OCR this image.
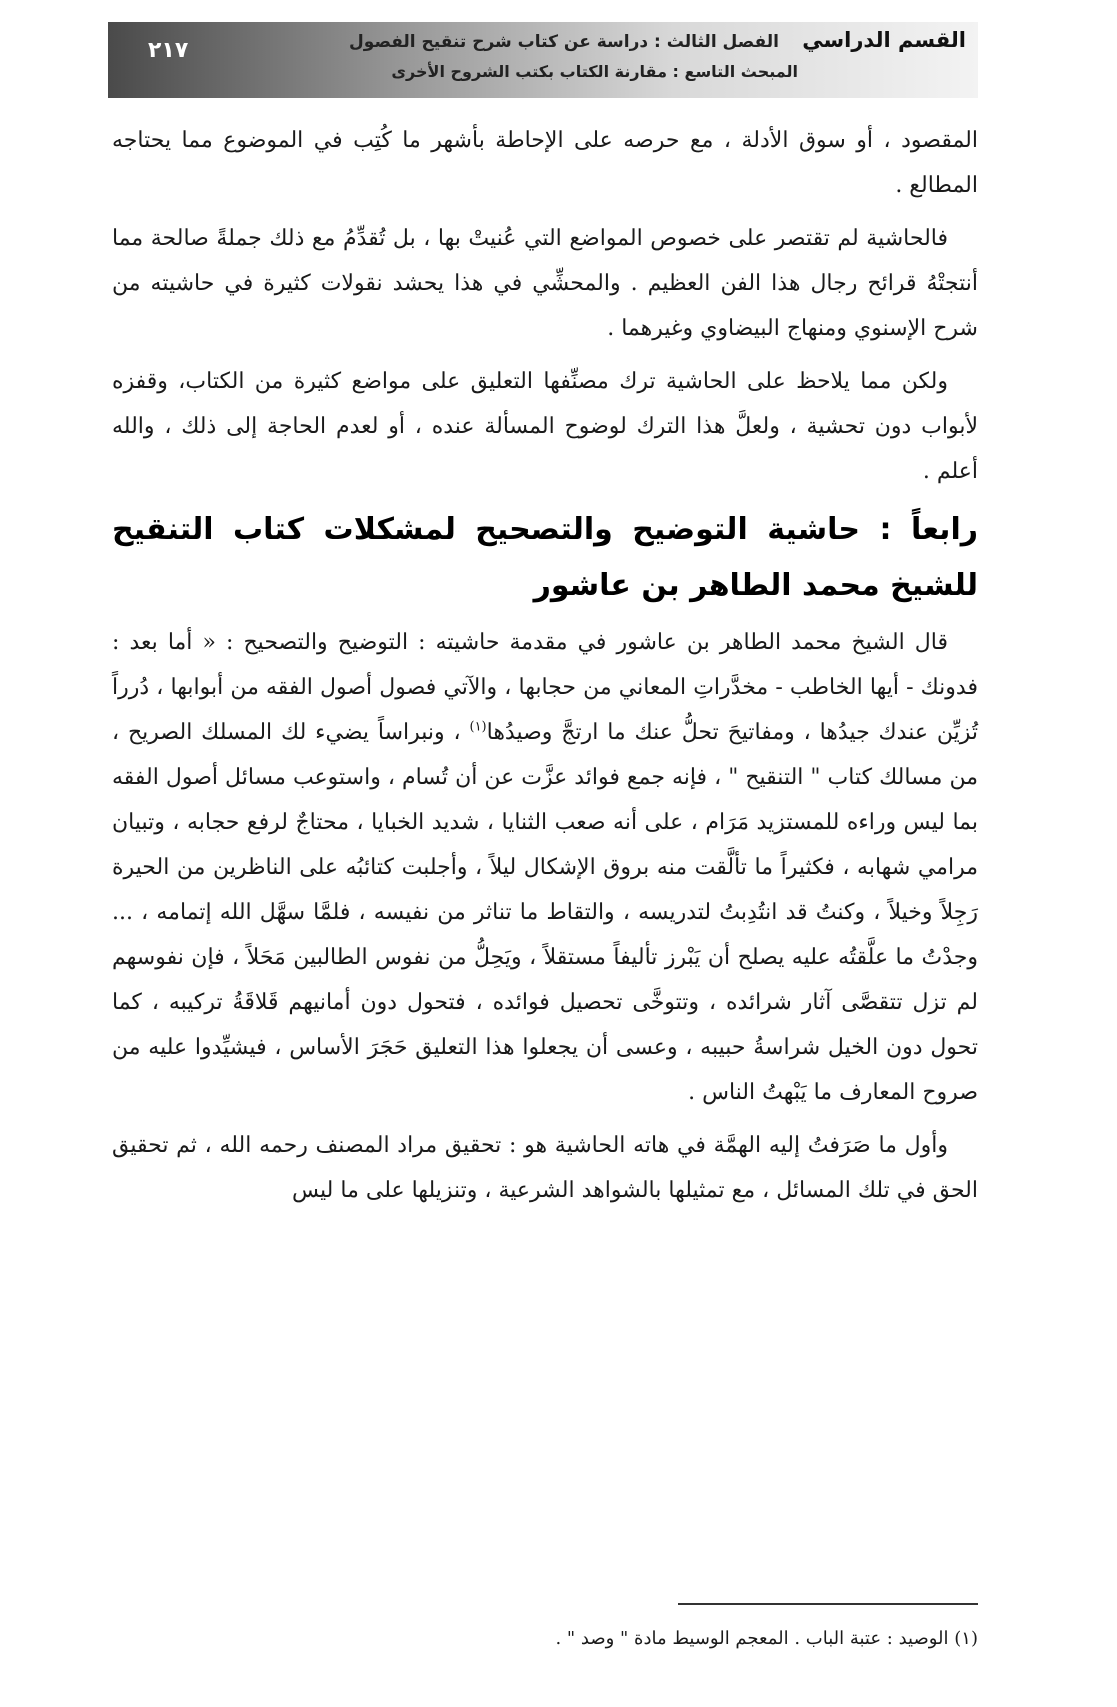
القسم الدراسي الفصل الثالث : دراسة عن كتاب شرح تنقيح الفصول
المبحث التاسع : مقارنة الكتاب بكتب الشروح الأخرى
٢١٧

المقصود ، أو سوق الأدلة ، مع حرصه على الإحاطة بأشهر ما كُتِب في الموضوع مما يحتاجه المطالع .

فالحاشية لم تقتصر على خصوص المواضع التي عُنيتْ بها ، بل تُقدِّمُ مع ذلك جملةً صالحة مما أنتجتْهُ قرائح رجال هذا الفن العظيم . والمحشِّي في هذا يحشد نقولات كثيرة في حاشيته من شرح الإسنوي ومنهاج البيضاوي وغيرهما .

ولكن مما يلاحظ على الحاشية ترك مصنِّفها التعليق على مواضع كثيرة من الكتاب، وقفزه لأبواب دون تحشية ، ولعلَّ هذا الترك لوضوح المسألة عنده ، أو لعدم الحاجة إلى ذلك ، والله أعلم .

رابعاً : حاشية التوضيح والتصحيح لمشكلات كتاب التنقيح للشيخ محمد الطاهر بن عاشور

قال الشيخ محمد الطاهر بن عاشور في مقدمة حاشيته : التوضيح والتصحيح : « أما بعد : فدونك - أيها الخاطب - مخدَّراتِ المعاني من حجابها ، والآتي فصول أصول الفقه من أبوابها ، دُرراً تُزيِّن عندك جيدُها ، ومفاتيحَ تحلُّ عنك ما ارتجَّ وصيدُها$^{(١)}$ ، ونبراساً يضيء لك المسلك الصريح ، من مسالك كتاب " التنقيح " ، فإنه جمع فوائد عزَّت عن أن تُسام ، واستوعب مسائل أصول الفقه بما ليس وراءه للمستزيد مَرَام ، على أنه صعب الثنايا ، شديد الخبايا ، محتاجٌ لرفع حجابه ، وتبيان مرامي شهابه ، فكثيراً ما تألَّقت منه بروق الإشكال ليلاً ، وأجلبت كتائبُه على الناظرين من الحيرة رَجِلاً وخيلاً ، وكنتُ قد انتُدِبتُ لتدريسه ، والتقاط ما تناثر من نفيسه ، فلمَّا سهَّل الله إتمامه ، ... وجدْتُ ما علَّقتُه عليه يصلح أن يَبْرز تأليفاً مستقلاً ، ويَحِلُّ من نفوس الطالبين مَحَلاً ، فإن نفوسهم لم تزل تتقصَّى آثار شرائده ، وتتوخَّى تحصيل فوائده ، فتحول دون أمانيهم قَلاقَةُ تركيبه ، كما تحول دون الخيل شراسةُ حبيبه ، وعسى أن يجعلوا هذا التعليق حَجَرَ الأساس ، فيشيِّدوا عليه من صروح المعارف ما يَبْهتُ الناس .

وأول ما صَرَفتُ إليه الهمَّة في هاته الحاشية هو : تحقيق مراد المصنف رحمه الله ، ثم تحقيق الحق في تلك المسائل ، مع تمثيلها بالشواهد الشرعية ، وتنزيلها على ما ليس

(١) الوصيد : عتبة الباب . المعجم الوسيط مادة " وصد " .
